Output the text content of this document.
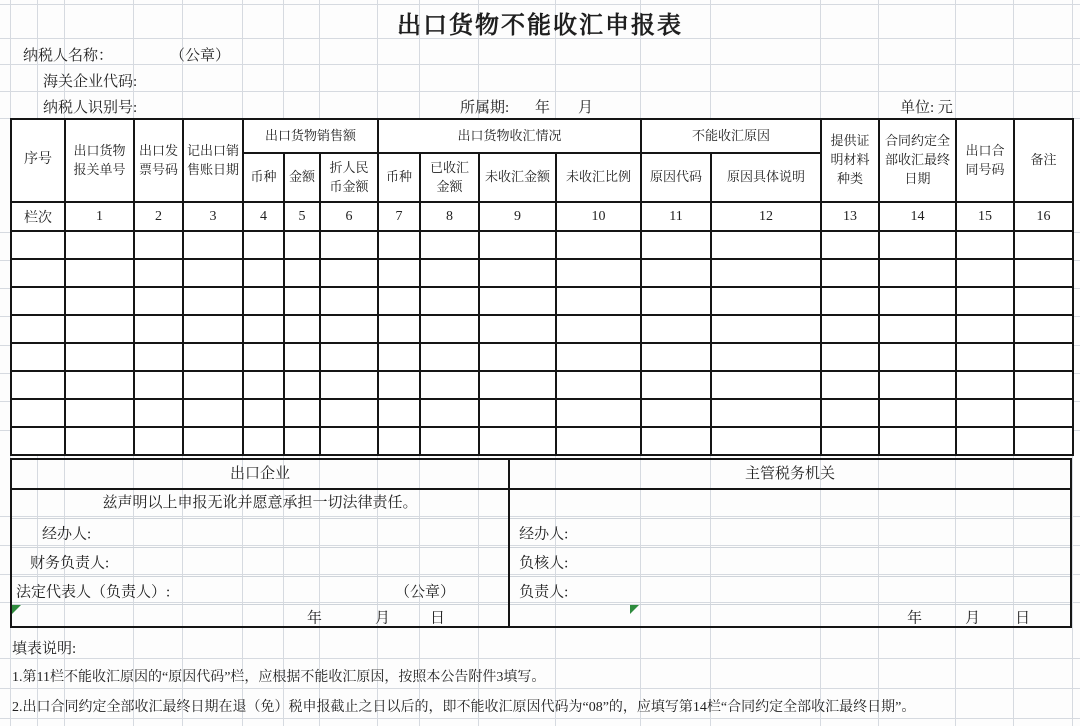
出口货物不能收汇申报表
纳税人名称：	（公章）
海关企业代码:
纳税人识别号:	所属期: 年 月	单位: 元
序号	出口货物报关单号	出口发票号码	记出口销售账日期	出口货物销售额			出口货物收汇情况				不能收汇原因		提供证明材料种类	合同约定全部收汇最终日期	出口合同号码	备注
				币种	金额	折人民币金额	币种	已收汇金额	未收汇金额	未收汇比例	原因代码	原因具体说明				
栏次	1	2	3	4	5	6	7	8	9	10	11	12	13	14	15	16

出口企业
兹声明以上申报无讹并愿意承担一切法律责任。
经办人:
财务负责人:
法定代表人（负责人）:	（公章）
年	月	日
主管税务机关
经办人:
负核人:
负责人:
年	月 日
填表说明:
1.第11栏不能收汇原因的“原因代码”栏，应根据不能收汇原因，按照本公告附件3填写。
2.出口合同约定全部收汇最终日期在退（免）税申报截止之日以后的，即不能收汇原因代码为“08”的，应填写第14栏“合同约定全部收汇最终日期”。
